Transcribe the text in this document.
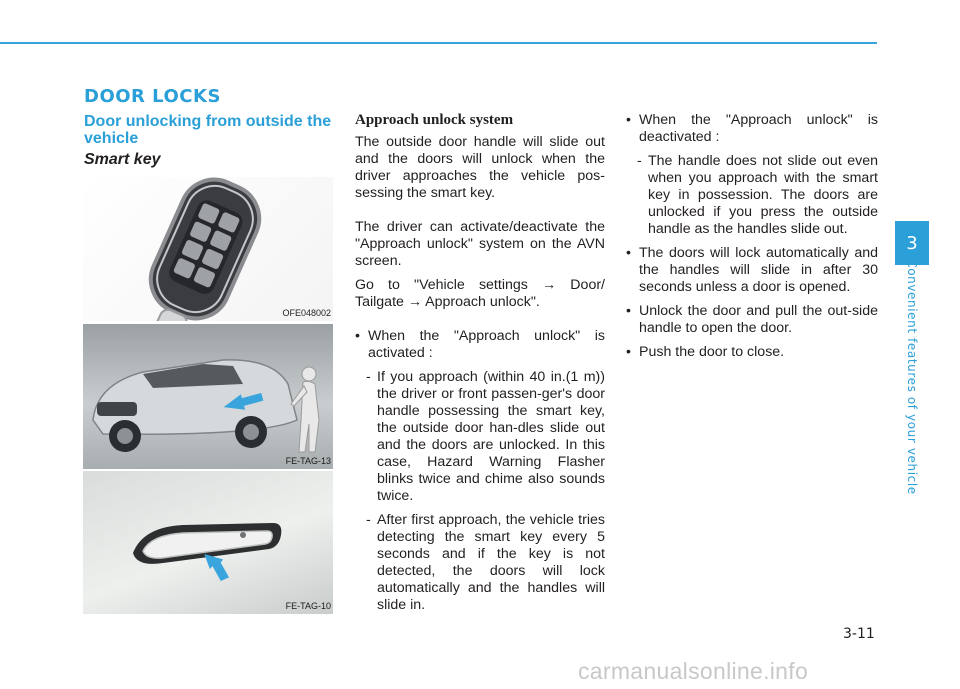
DOOR LOCKS
Door unlocking from outside the vehicle
Smart key
OFE048002
FE-TAG-13
FE-TAG-10
Approach unlock system

The outside door handle will slide out and the doors will unlock when the driver approaches the vehicle pos-sessing the smart key.

The driver can activate/deactivate the "Approach unlock" system on the AVN screen.

Go to "Vehicle settings → Door/ Tailgate → Approach unlock".

• When the "Approach unlock" is activated :

- If you approach (within 40 in.(1 m)) the driver or front passen-ger's door handle possessing the smart key, the outside door han-dles slide out and the doors are unlocked. In this case, Hazard Warning Flasher blinks twice and chime also sounds twice.

- After first approach, the vehicle tries detecting the smart key every 5 seconds and if the key is not detected, the doors will lock automatically and the handles will slide in.

• When the "Approach unlock" is deactivated :

- The handle does not slide out even when you approach with the smart key in possession. The doors are unlocked if you press the outside handle as the handles slide out.

• The doors will lock automatically and the handles will slide in after 30 seconds unless a door is opened.

• Unlock the door and pull the out-side handle to open the door.

• Push the door to close.

3
Convenient features of your vehicle
3-11
carmanualsonline.info
